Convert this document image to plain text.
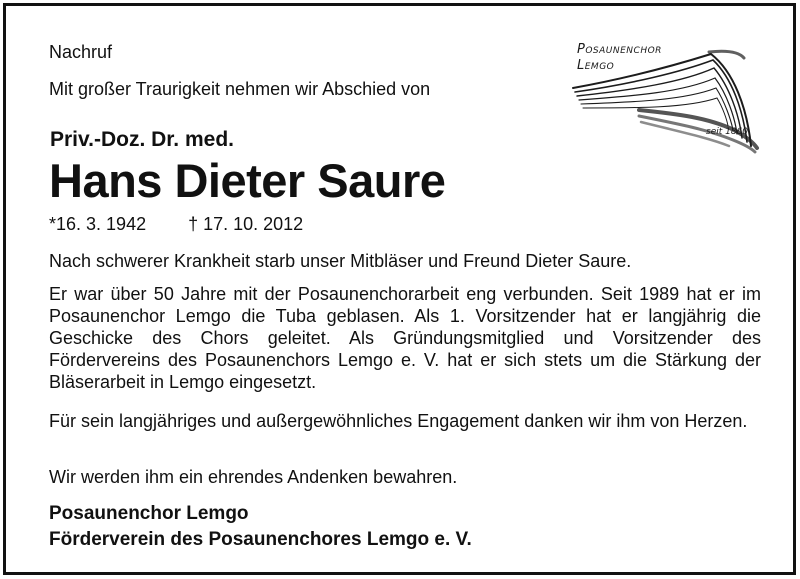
Nachruf

Mit großer Traurigkeit nehmen wir Abschied von

Priv.-Doz. Dr. med.

Hans Dieter Saure

*16. 3. 1942 † 17. 10. 2012

Nach schwerer Krankheit starb unser Mitbläser und Freund Dieter Saure.

Er war über 50 Jahre mit der Posaunenchorarbeit eng verbunden. Seit 1989 hat er im Posaunenchor Lemgo die Tuba geblasen. Als 1. Vorsitzender hat er langjährig die Geschicke des Chors geleitet. Als Gründungsmitglied und Vorsitzender des Fördervereins des Posaunenchors Lemgo e. V. hat er sich stets um die Stärkung der Bläserarbeit in Lemgo eingesetzt.

Für sein langjähriges und außergewöhnliches Engagement danken wir ihm von Herzen.

Wir werden ihm ein ehrendes Andenken bewahren.

Posaunenchor Lemgo

Förderverein des Posaunenchores Lemgo e. V.

Posaunenchor
Lemgo

seit 1860
